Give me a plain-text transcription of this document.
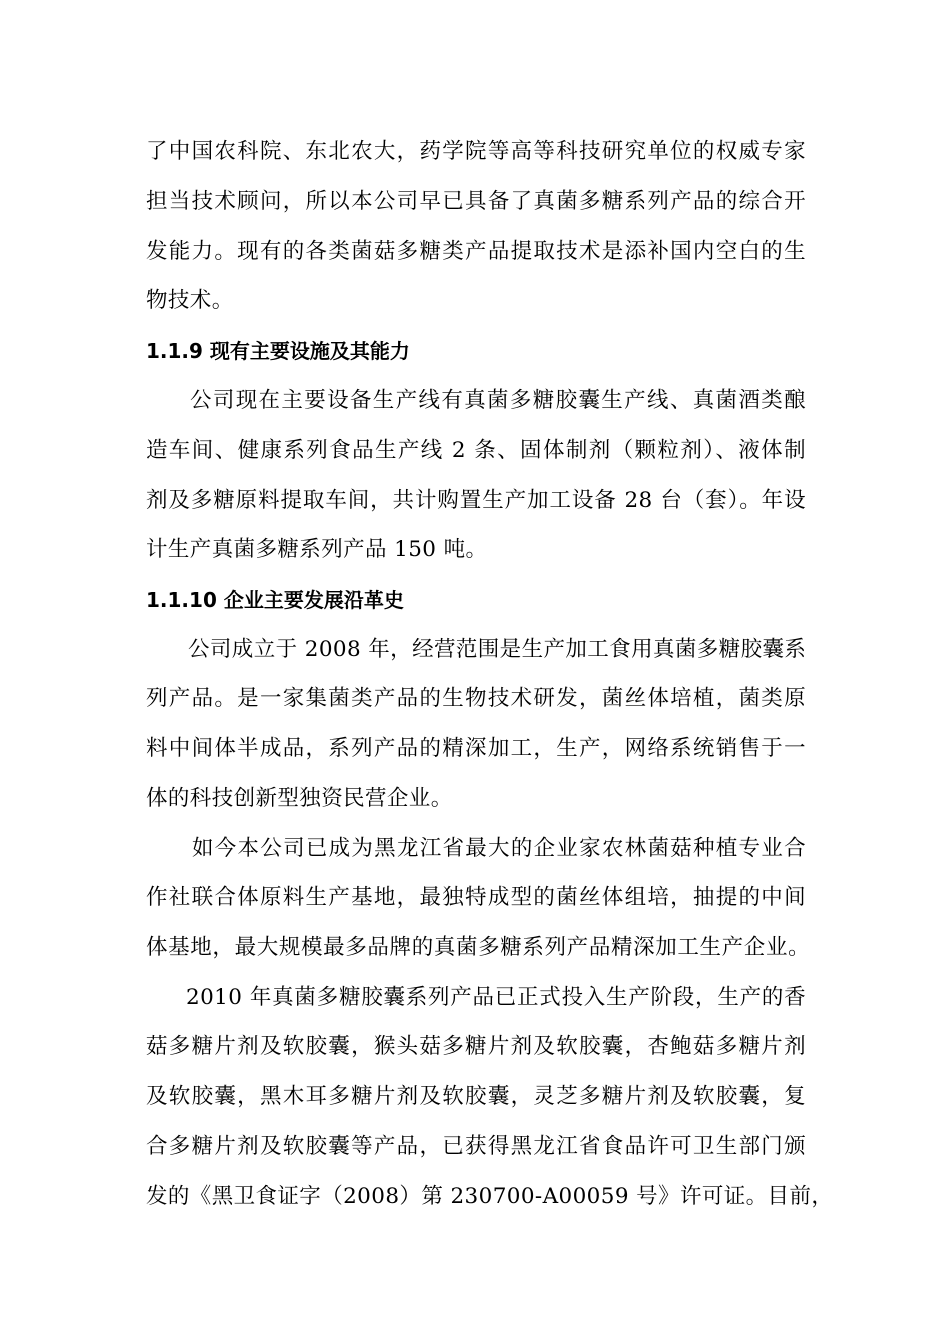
了中国农科院、东北农大，药学院等高等科技研究单位的权威专家
担当技术顾问，所以本公司早已具备了真菌多糖系列产品的综合开
发能力。现有的各类菌菇多糖类产品提取技术是添补国内空白的生
物技术。
1.1.9 现有主要设施及其能力
公司现在主要设备生产线有真菌多糖胶囊生产线、真菌酒类酿
造车间、健康系列食品生产线 2 条、固体制剂（颗粒剂）、液体制
剂及多糖原料提取车间，共计购置生产加工设备 28 台（套）。年设
计生产真菌多糖系列产品 150 吨。
1.1.10 企业主要发展沿革史
公司成立于 2008 年，经营范围是生产加工食用真菌多糖胶囊系
列产品。是一家集菌类产品的生物技术研发，菌丝体培植，菌类原
料中间体半成品，系列产品的精深加工，生产，网络系统销售于一
体的科技创新型独资民营企业。
如今本公司已成为黑龙江省最大的企业家农林菌菇种植专业合
作社联合体原料生产基地，最独特成型的菌丝体组培，抽提的中间
体基地，最大规模最多品牌的真菌多糖系列产品精深加工生产企业。
2010 年真菌多糖胶囊系列产品已正式投入生产阶段，生产的香
菇多糖片剂及软胶囊，猴头菇多糖片剂及软胶囊，杏鲍菇多糖片剂
及软胶囊，黑木耳多糖片剂及软胶囊，灵芝多糖片剂及软胶囊，复
合多糖片剂及软胶囊等产品，已获得黑龙江省食品许可卫生部门颁
发的《黑卫食证字（2008）第 230700-A00059 号》许可证。目前，
